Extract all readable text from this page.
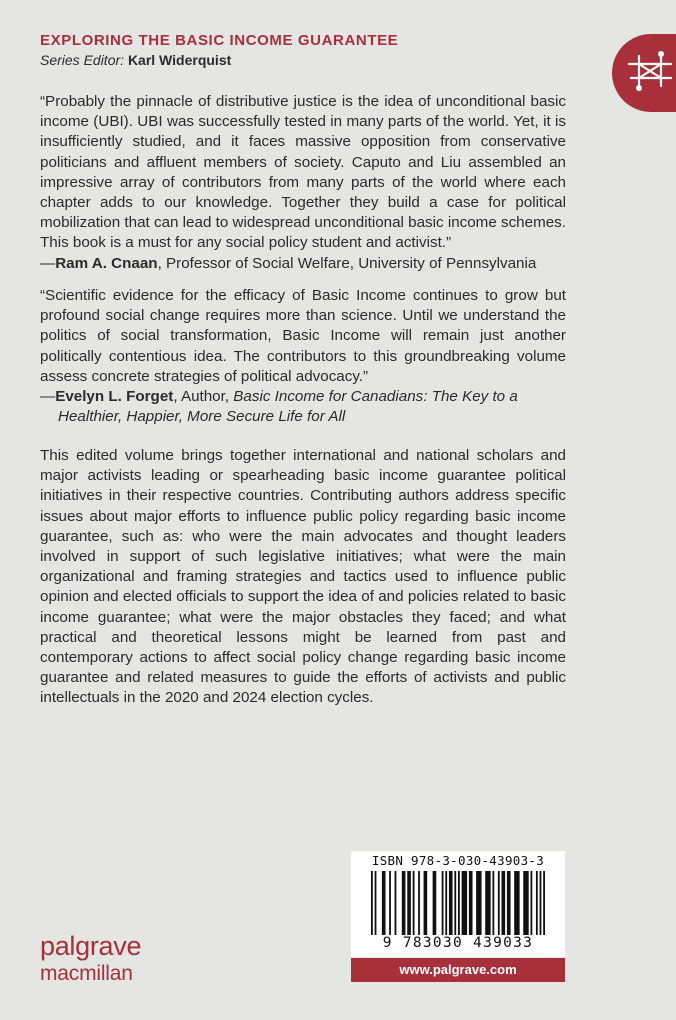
EXPLORING THE BASIC INCOME GUARANTEE
Series Editor: Karl Widerquist

“Probably the pinnacle of distributive justice is the idea of unconditional basic income (UBI). UBI was successfully tested in many parts of the world. Yet, it is insufficiently studied, and it faces massive opposition from conservative politicians and affluent members of society. Caputo and Liu assembled an impressive array of contributors from many parts of the world where each chapter adds to our knowledge. Together they build a case for political mobilization that can lead to widespread unconditional basic income schemes. This book is a must for any social policy student and activist.”

—Ram A. Cnaan, Professor of Social Welfare, University of Pennsylvania

“Scientific evidence for the efficacy of Basic Income continues to grow but profound social change requires more than science. Until we understand the politics of social transformation, Basic Income will remain just another politically contentious idea. The contributors to this groundbreaking volume assess concrete strategies of political advocacy.”

—Evelyn L. Forget, Author, Basic Income for Canadians: The Key to a Healthier, Happier, More Secure Life for All

This edited volume brings together international and national scholars and major activists leading or spearheading basic income guarantee political initiatives in their respective countries. Contributing authors address specific issues about major efforts to influence public policy regarding basic income guarantee, such as: who were the main advocates and thought leaders involved in support of such legislative initiatives; what were the main organizational and framing strategies and tactics used to influence public opinion and elected officials to support the idea of and policies related to basic income guarantee; what were the major obstacles they faced; and what practical and theoretical lessons might be learned from past and contemporary actions to affect social policy change regarding basic income guarantee and related measures to guide the efforts of activists and public intellectuals in the 2020 and 2024 election cycles.

palgrave
macmillan
ISBN 978-3-030-43903-3
9 783030 439033
www.palgrave.com
